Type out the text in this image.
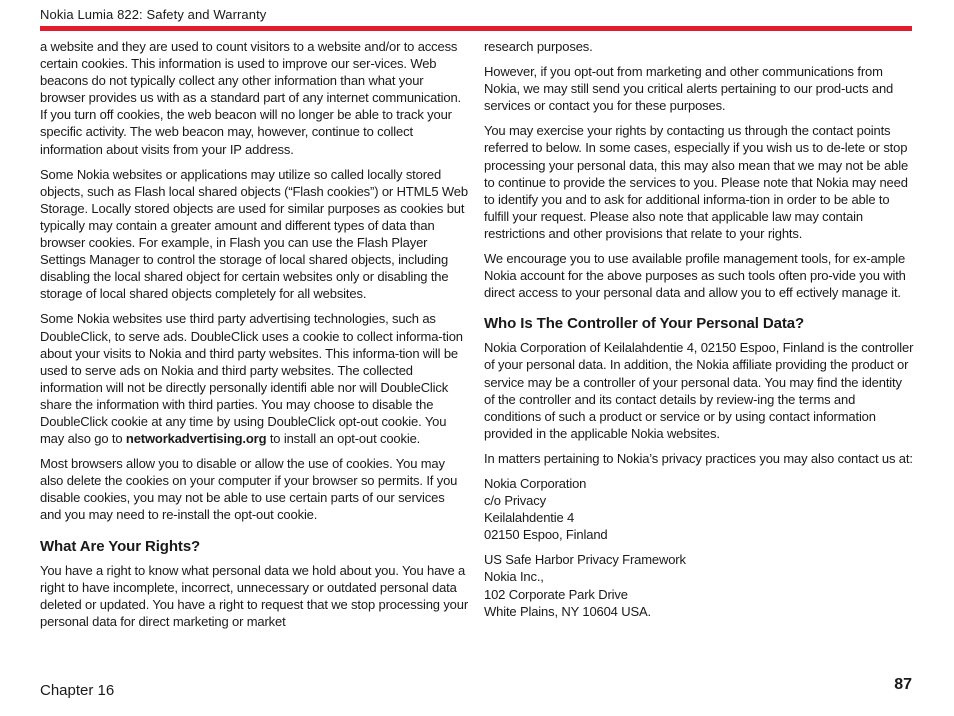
Nokia Lumia 822: Safety and Warranty

a website and they are used to count visitors to a website and/or to access certain cookies. This information is used to improve our ser-vices. Web beacons do not typically collect any other information than what your browser provides us with as a standard part of any internet communication. If you turn off cookies, the web beacon will no longer be able to track your specific activity. The web beacon may, however, continue to collect information about visits from your IP address.

Some Nokia websites or applications may utilize so called locally stored objects, such as Flash local shared objects (“Flash cookies”) or HTML5 Web Storage. Locally stored objects are used for similar purposes as cookies but typically may contain a greater amount and different types of data than browser cookies. For example, in Flash you can use the Flash Player Settings Manager to control the storage of local shared objects, including disabling the local shared object for certain websites only or disabling the storage of local shared objects completely for all websites.

Some Nokia websites use third party advertising technologies, such as DoubleClick, to serve ads. DoubleClick uses a cookie to collect informa-tion about your visits to Nokia and third party websites. This informa-tion will be used to serve ads on Nokia and third party websites. The collected information will not be directly personally identifi able nor will DoubleClick share the information with third parties. You may choose to disable the DoubleClick cookie at any time by using DoubleClick opt-out cookie. You may also go to networkadvertising.org to install an opt-out cookie.

Most browsers allow you to disable or allow the use of cookies. You may also delete the cookies on your computer if your browser so permits. If you disable cookies, you may not be able to use certain parts of our services and you may need to re-install the opt-out cookie.

What Are Your Rights?

You have a right to know what personal data we hold about you. You have a right to have incomplete, incorrect, unnecessary or outdated personal data deleted or updated. You have a right to request that we stop processing your personal data for direct marketing or market

research purposes.

However, if you opt-out from marketing and other communications from Nokia, we may still send you critical alerts pertaining to our prod-ucts and services or contact you for these purposes.

You may exercise your rights by contacting us through the contact points referred to below. In some cases, especially if you wish us to de-lete or stop processing your personal data, this may also mean that we may not be able to continue to provide the services to you. Please note that Nokia may need to identify you and to ask for additional informa-tion in order to be able to fulfill your request. Please also note that applicable law may contain restrictions and other provisions that relate to your rights.

We encourage you to use available profile management tools, for ex-ample Nokia account for the above purposes as such tools often pro-vide you with direct access to your personal data and allow you to eff ectively manage it.

Who Is The Controller of Your Personal Data?

Nokia Corporation of Keilalahdentie 4, 02150 Espoo, Finland is the controller of your personal data. In addition, the Nokia affiliate providing the product or service may be a controller of your personal data. You may find the identity of the controller and its contact details by review-ing the terms and conditions of such a product or service or by using contact information provided in the applicable Nokia websites.

In matters pertaining to Nokia’s privacy practices you may also contact us at:

Nokia Corporation
c/o Privacy
Keilalahdentie 4
02150 Espoo, Finland

US Safe Harbor Privacy Framework

Nokia Inc.,
102 Corporate Park Drive
White Plains, NY 10604 USA.

Chapter 16	87
